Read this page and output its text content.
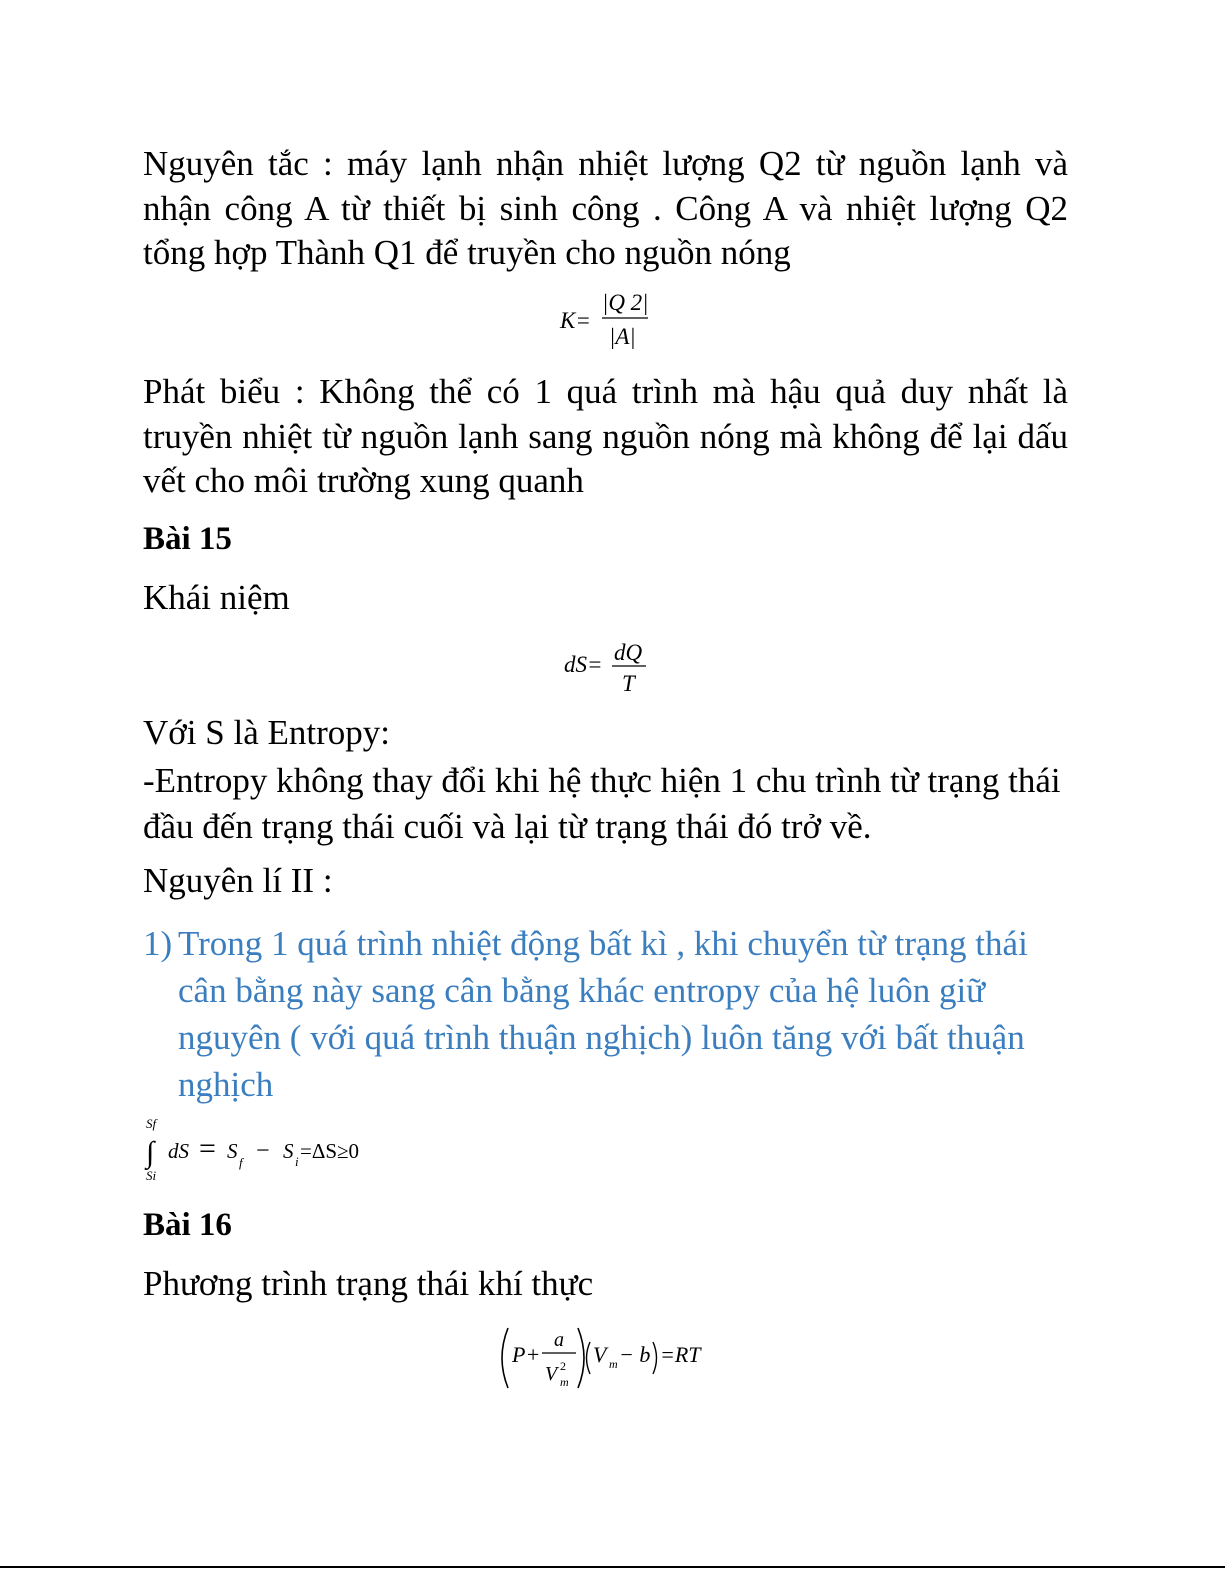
Nguyên tắc : máy lạnh nhận nhiệt lượng Q2 từ nguồn lạnh và nhận công A từ thiết bị sinh công . Công A và nhiệt lượng Q2 tổng hợp Thành Q1 để truyền cho nguồn nóng

K=
|Q 2|
|A|

Phát biểu : Không thể có 1 quá trình mà hậu quả duy nhất là truyền nhiệt từ nguồn lạnh sang nguồn nóng mà không để lại dấu vết cho môi trường xung quanh

Bài 15

Khái niệm

dS= dQ
T

Với S là Entropy:

-Entropy không thay đổi khi hệ thực hiện 1 chu trình từ trạng thái đầu đến trạng thái cuối và lại từ trạng thái đó trở về.

Nguyên lí II :

1) Trong 1 quá trình nhiệt động bất kì , khi chuyển từ trạng thái cân bằng này sang cân bằng khác entropy của hệ luôn giữ nguyên ( với quá trình thuận nghịch) luôn tăng với bất thuận nghịch
Sf
∫
Si
dS = S f − S i =ΔS≥0

Bài 16

Phương trình trạng thái khí thực

P+
a
V 2
m
V m − b =RT
